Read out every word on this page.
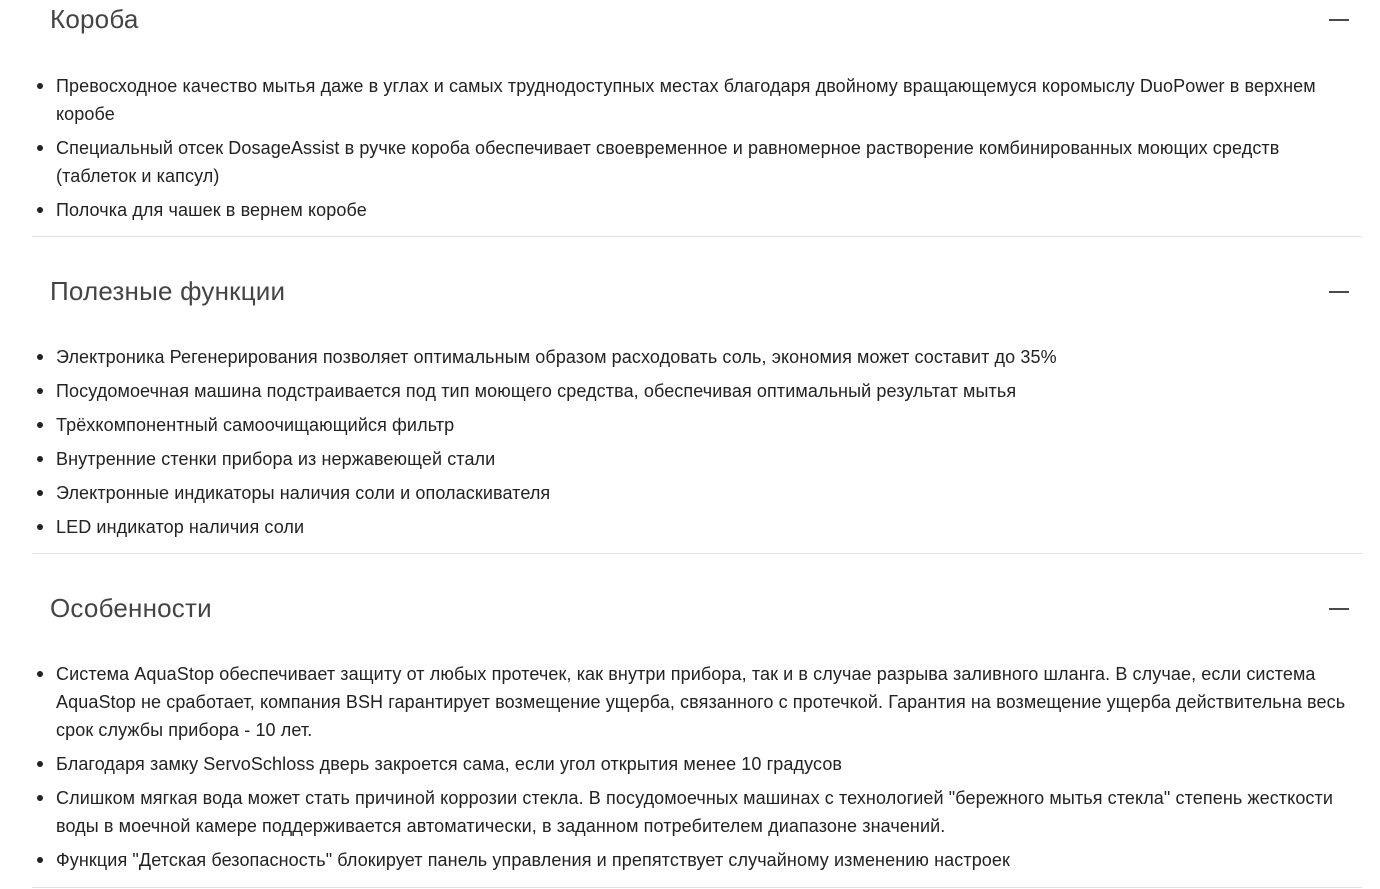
Короба
Превосходное качество мытья даже в углах и самых труднодоступных местах благодаря двойному вращающемуся коромыслу DuoPower в верхнем коробе
Специальный отсек DosageAssist в ручке короба обеспечивает своевременное и равномерное растворение комбинированных моющих средств (таблеток и капсул)
Полочка для чашек в вернем коробе
Полезные функции
Электроника Регенерирования позволяет оптимальным образом расходовать соль, экономия может составит до 35%
Посудомоечная машина подстраивается под тип моющего средства, обеспечивая оптимальный результат мытья
Трёхкомпонентный самоочищающийся фильтр
Внутренние стенки прибора из нержавеющей стали
Электронные индикаторы наличия соли и ополаскивателя
LED индикатор наличия соли
Особенности
Система AquaStop обеспечивает защиту от любых протечек, как внутри прибора, так и в случае разрыва заливного шланга. В случае, если система AquaStop не сработает, компания BSH гарантирует возмещение ущерба, связанного с протечкой. Гарантия на возмещение ущерба действительна весь срок службы прибора - 10 лет.
Благодаря замку ServoSchloss дверь закроется сама, если угол открытия менее 10 градусов
Слишком мягкая вода может стать причиной коррозии стекла. В посудомоечных машинах с технологией "бережного мытья стекла" степень жесткости воды в моечной камере поддерживается автоматически, в заданном потребителем диапазоне значений.
Функция "Детская безопасность" блокирует панель управления и препятствует случайному изменению настроек
